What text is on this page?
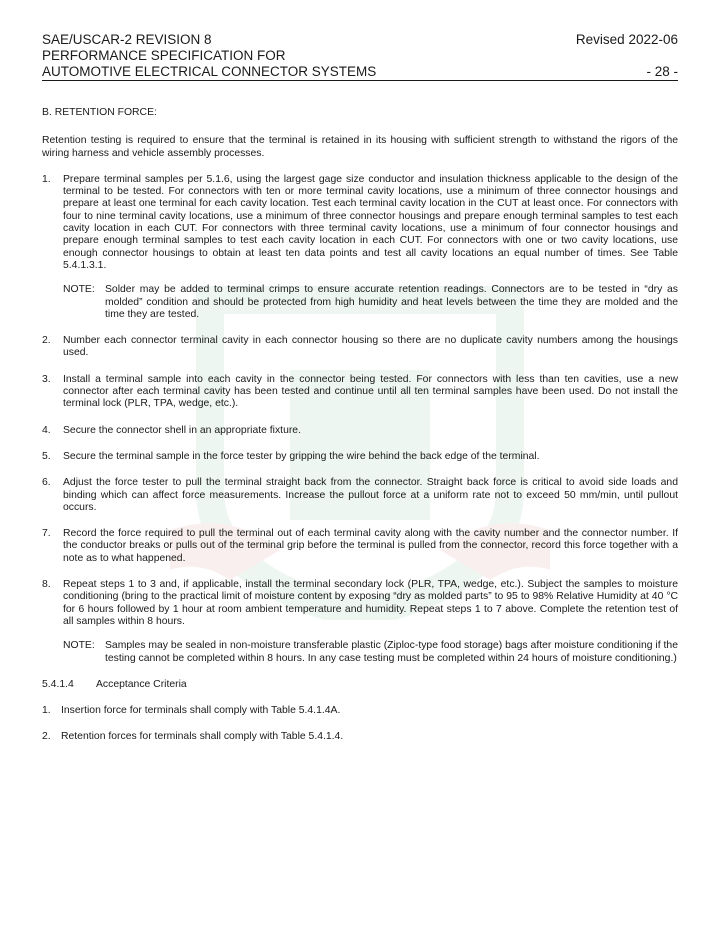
SAE/USCAR-2 REVISION 8	Revised 2022-06
PERFORMANCE SPECIFICATION FOR
AUTOMOTIVE ELECTRICAL CONNECTOR SYSTEMS	- 28 -
B. RETENTION FORCE:
Retention testing is required to ensure that the terminal is retained in its housing with sufficient strength to withstand the rigors of the wiring harness and vehicle assembly processes.
1.	Prepare terminal samples per 5.1.6, using the largest gage size conductor and insulation thickness applicable to the design of the terminal to be tested. For connectors with ten or more terminal cavity locations, use a minimum of three connector housings and prepare at least one terminal for each cavity location. Test each terminal cavity location in the CUT at least once. For connectors with four to nine terminal cavity locations, use a minimum of three connector housings and prepare enough terminal samples to test each cavity location in each CUT. For connectors with three terminal cavity locations, use a minimum of four connector housings and prepare enough terminal samples to test each cavity location in each CUT. For connectors with one or two cavity locations, use enough connector housings to obtain at least ten data points and test all cavity locations an equal number of times. See Table 5.4.1.3.1.
NOTE: Solder may be added to terminal crimps to ensure accurate retention readings. Connectors are to be tested in “dry as molded” condition and should be protected from high humidity and heat levels between the time they are molded and the time they are tested.
2.	Number each connector terminal cavity in each connector housing so there are no duplicate cavity numbers among the housings used.
3.	Install a terminal sample into each cavity in the connector being tested. For connectors with less than ten cavities, use a new connector after each terminal cavity has been tested and continue until all ten terminal samples have been used. Do not install the terminal lock (PLR, TPA, wedge, etc.).
4.	Secure the connector shell in an appropriate fixture.
5.	Secure the terminal sample in the force tester by gripping the wire behind the back edge of the terminal.
6.	Adjust the force tester to pull the terminal straight back from the connector. Straight back force is critical to avoid side loads and binding which can affect force measurements. Increase the pullout force at a uniform rate not to exceed 50 mm/min, until pullout occurs.
7.	Record the force required to pull the terminal out of each terminal cavity along with the cavity number and the connector number. If the conductor breaks or pulls out of the terminal grip before the terminal is pulled from the connector, record this force together with a note as to what happened.
8.	Repeat steps 1 to 3 and, if applicable, install the terminal secondary lock (PLR, TPA, wedge, etc.). Subject the samples to moisture conditioning (bring to the practical limit of moisture content by exposing “dry as molded parts” to 95 to 98% Relative Humidity at 40 °C for 6 hours followed by 1 hour at room ambient temperature and humidity. Repeat steps 1 to 7 above. Complete the retention test of all samples within 8 hours.
NOTE: Samples may be sealed in non-moisture transferable plastic (Ziploc-type food storage) bags after moisture conditioning if the testing cannot be completed within 8 hours. In any case testing must be completed within 24 hours of moisture conditioning.)
5.4.1.4 Acceptance Criteria
1. Insertion force for terminals shall comply with Table 5.4.1.4A.
2. Retention forces for terminals shall comply with Table 5.4.1.4.
